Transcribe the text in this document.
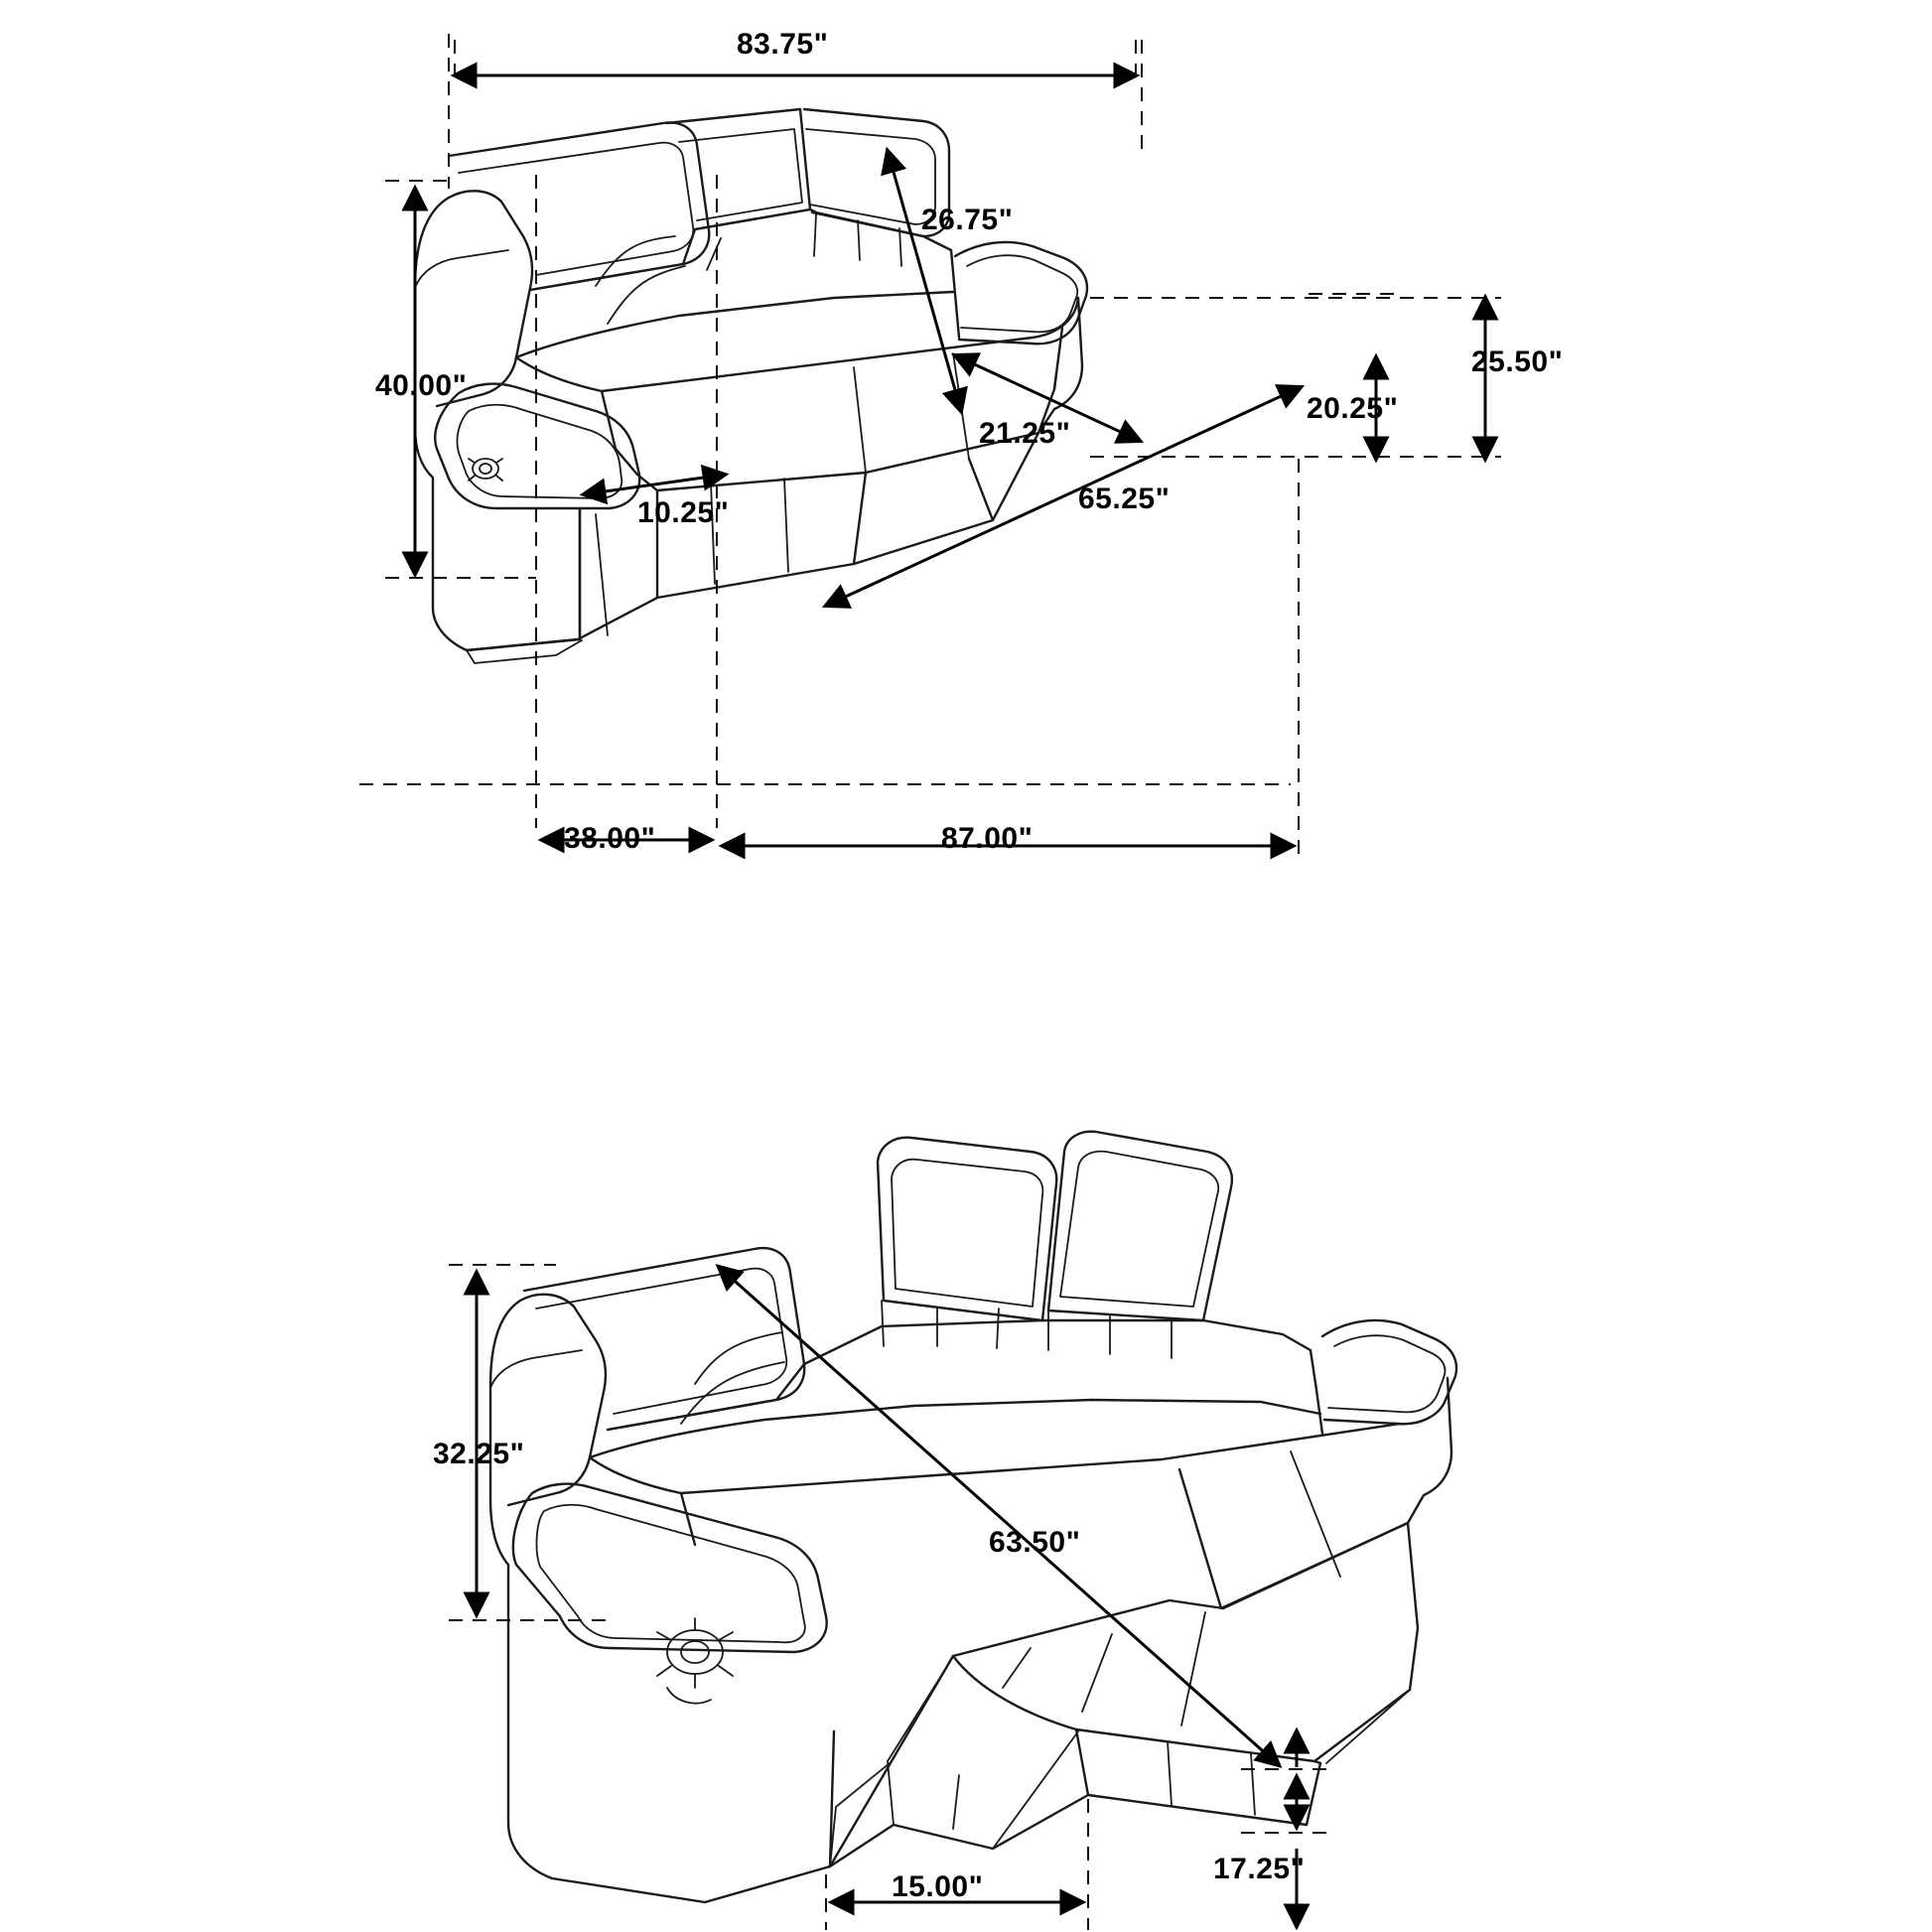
83.75"
40.00"
26.75"
21.25"
10.25"	65.25"
25.50"
20.25"
38.00"	87.00"
32.25"
63.50"
17.25"
15.00"
